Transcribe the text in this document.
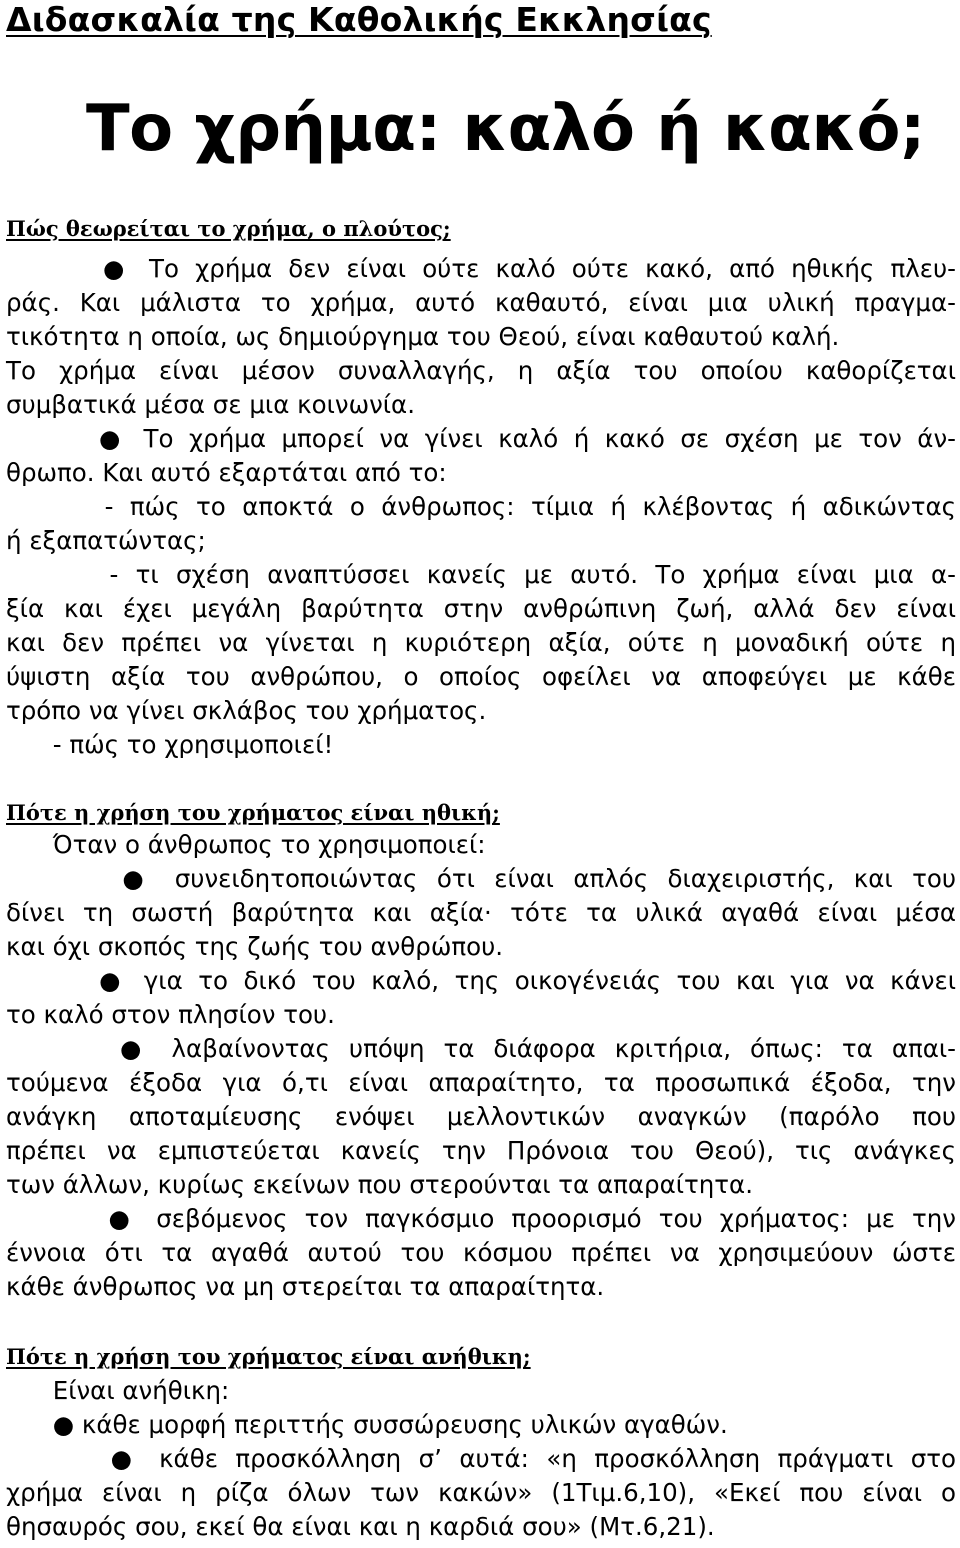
Διδασκαλία της Καθολικής Εκκλησίας
Το χρήμα: καλό ή κακό;
Πώς θεωρείται το χρήμα, ο πλούτος;
● Το χρήμα δεν είναι ούτε καλό ούτε κακό, από ηθικής πλευ-
ράς. Και μάλιστα το χρήμα, αυτό καθαυτό, είναι μια υλική πραγμα-
τικότητα η οποία, ως δημιούργημα του Θεού, είναι καθαυτού καλή.
Το χρήμα είναι μέσον συναλλαγής, η αξία του οποίου καθορίζεται
συμβατικά μέσα σε μια κοινωνία.
● Το χρήμα μπορεί να γίνει καλό ή κακό σε σχέση με τον άν-
θρωπο. Και αυτό εξαρτάται από το:
- πώς το αποκτά ο άνθρωπος: τίμια ή κλέβοντας ή αδικώντας
ή εξαπατώντας;
- τι σχέση αναπτύσσει κανείς με αυτό. Το χρήμα είναι μια α-
ξία και έχει μεγάλη βαρύτητα στην ανθρώπινη ζωή, αλλά δεν είναι
και δεν πρέπει να γίνεται η κυριότερη αξία, ούτε η μοναδική ούτε η
ύψιστη αξία του ανθρώπου, ο οποίος οφείλει να αποφεύγει με κάθε
τρόπο να γίνει σκλάβος του χρήματος.
- πώς το χρησιμοποιεί!
Πότε η χρήση του χρήματος είναι ηθική;
Όταν ο άνθρωπος το χρησιμοποιεί:
● συνειδητοποιώντας ότι είναι απλός διαχειριστής, και του
δίνει τη σωστή βαρύτητα και αξία· τότε τα υλικά αγαθά είναι μέσα
και όχι σκοπός της ζωής του ανθρώπου.
● για το δικό του καλό, της οικογένειάς του και για να κάνει
το καλό στον πλησίον του.
● λαβαίνοντας υπόψη τα διάφορα κριτήρια, όπως: τα απαι-
τούμενα έξοδα για ό,τι είναι απαραίτητο, τα προσωπικά έξοδα, την
ανάγκη αποταμίευσης ενόψει μελλοντικών αναγκών (παρόλο που
πρέπει να εμπιστεύεται κανείς την Πρόνοια του Θεού), τις ανάγκες
των άλλων, κυρίως εκείνων που στερούνται τα απαραίτητα.
● σεβόμενος τον παγκόσμιο προορισμό του χρήματος: με την
έννοια ότι τα αγαθά αυτού του κόσμου πρέπει να χρησιμεύουν ώστε
κάθε άνθρωπος να μη στερείται τα απαραίτητα.
Πότε η χρήση του χρήματος είναι ανήθικη;
Είναι ανήθικη:
● κάθε μορφή περιττής συσσώρευσης υλικών αγαθών.
● κάθε προσκόλληση σ’ αυτά: «η προσκόλληση πράγματι στο
χρήμα είναι η ρίζα όλων των κακών» (1Τιμ.6,10), «Εκεί που είναι ο
θησαυρός σου, εκεί θα είναι και η καρδιά σου» (Μτ.6,21).
